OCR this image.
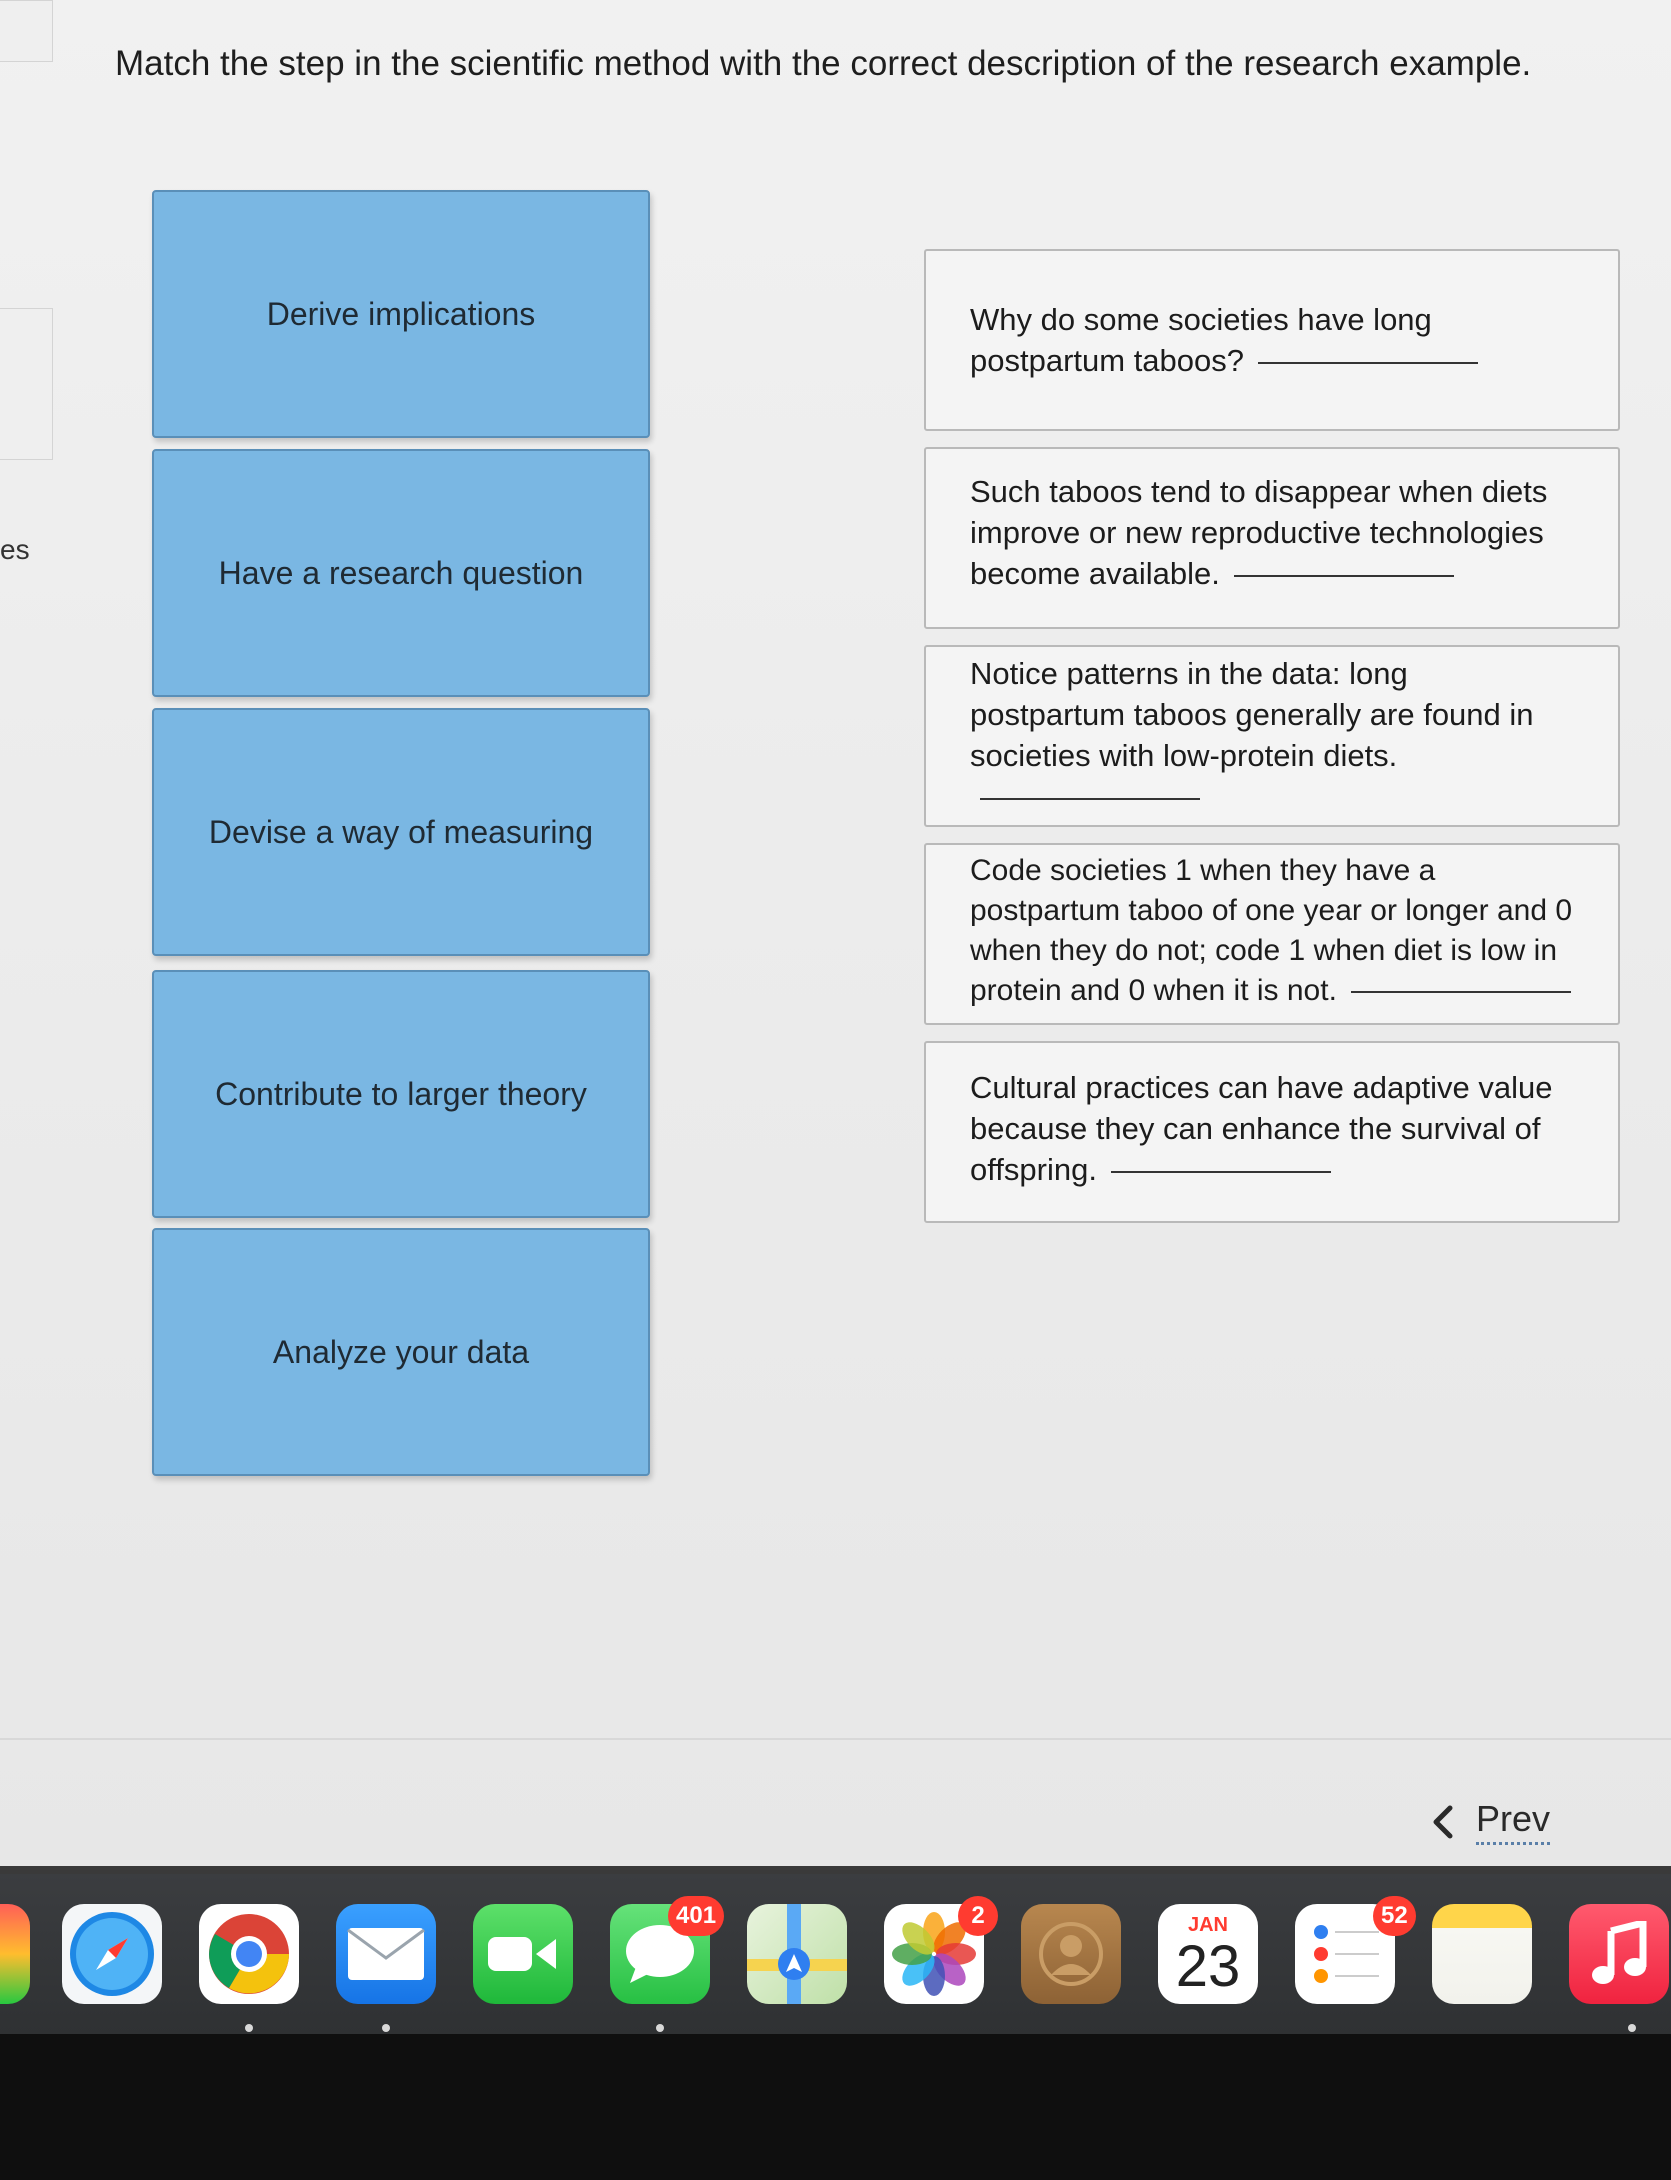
es
Match the step in the scientific method with the correct description of the research example.
Derive implications
Have a research question
Devise a way of measuring
Contribute to larger theory
Analyze your data
Why do some societies have long
postpartum taboos?
Such taboos tend to disappear when diets
improve or new reproductive technologies
become available.
Notice patterns in the data: long
postpartum taboos generally are found in
societies with low-protein diets.
Code societies 1 when they have a
postpartum taboo of one year or longer and 0
when they do not; code 1 when diet is low in
protein and 0 when it is not.
Cultural practices can have adaptive value
because they can enhance the survival of
offspring.
Prev
401	2	JAN
23
52
